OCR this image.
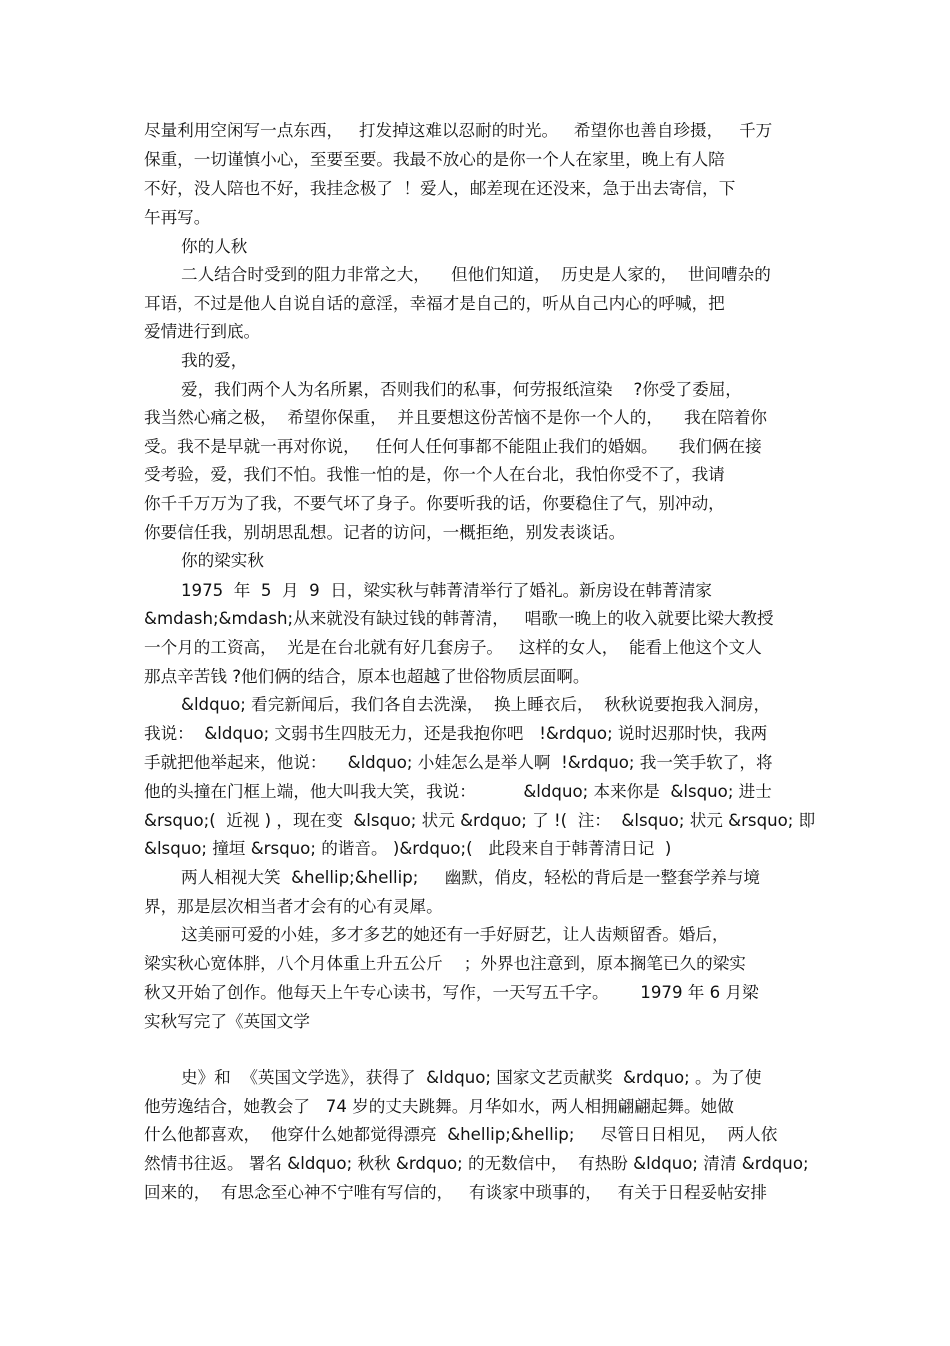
尽量利用空闲写一点东西，   打发掉这难以忍耐的时光。   希望你也善自珍摄，   千万
保重，一切谨慎小心，至要至要。我最不放心的是你一个人在家里，晚上有人陪
不好，没人陪也不好，我挂念极了  ！爱人，邮差现在还没来，急于出去寄信，下
午再写。
你的人秋
二人结合时受到的阻力非常之大，    但他们知道，  历史是人家的，  世间嘈杂的
耳语，不过是他人自说自话的意淫，幸福才是自己的，听从自己内心的呼喊，把
爱情进行到底。
我的爱，
爱，我们两个人为名所累，否则我们的私事，何劳报纸渲染    ?你受了委屈，
我当然心痛之极，  希望你保重，  并且要想这份苦恼不是你一个人的，    我在陪着你
受。我不是早就一再对你说，   任何人任何事都不能阻止我们的婚姻。    我们俩在接
受考验，爱，我们不怕。我惟一怕的是，你一个人在台北，我怕你受不了，我请
你千千万万为了我，不要气坏了身子。你要听我的话，你要稳住了气，别冲动，
你要信任我，别胡思乱想。记者的访问，一概拒绝，别发表谈话。
你的梁实秋
1975  年  5  月  9  日，梁实秋与韩菁清举行了婚礼。新房设在韩菁清家
&mdash;&mdash;从来就没有缺过钱的韩菁清，   唱歌一晚上的收入就要比梁大教授
一个月的工资高，  光是在台北就有好几套房子。   这样的女人，  能看上他这个文人
那点辛苦钱 ?他们俩的结合，原本也超越了世俗物质层面啊。
&ldquo; 看完新闻后，我们各自去洗澡，  换上睡衣后，  秋秋说要抱我入洞房，
我说：  &ldquo; 文弱书生四肢无力，还是我抱你吧   !&rdquo; 说时迟那时快，我两
手就把他举起来，他说：    &ldquo; 小娃怎么是举人啊  !&rdquo; 我一笑手软了，将
他的头撞在门框上端，他大叫我大笑，我说：         &ldquo; 本来你是  &lsquo; 进士
&rsquo;(  近视 ) ，现在变  &lsquo; 状元 &rdquo; 了 !(  注：  &lsquo; 状元 &rsquo; 即
&lsquo; 撞垣 &rsquo; 的谐音。 )&rdquo;(   此段来自于韩菁清日记  )
两人相视大笑  &hellip;&hellip;     幽默，俏皮，轻松的背后是一整套学养与境
界，那是层次相当者才会有的心有灵犀。
这美丽可爱的小娃，多才多艺的她还有一手好厨艺，让人齿颊留香。婚后，
梁实秋心宽体胖，八个月体重上升五公斤    ；外界也注意到，原本搁笔已久的梁实
秋又开始了创作。他每天上午专心读书，写作，一天写五千字。      1979 年 6 月梁
实秋写完了《英国文学
史》和  《英国文学选》，获得了  &ldquo; 国家文艺贡献奖  &rdquo; 。为了使
他劳逸结合，她教会了   74 岁的丈夫跳舞。月华如水，两人相拥翩翩起舞。她做
什么他都喜欢，  他穿什么她都觉得漂亮  &hellip;&hellip;     尽管日日相见，  两人依
然情书往返。 署名 &ldquo; 秋秋 &rdquo; 的无数信中，  有热盼 &ldquo; 清清 &rdquo;
回来的，  有思念至心神不宁唯有写信的，   有谈家中琐事的，   有关于日程妥帖安排
